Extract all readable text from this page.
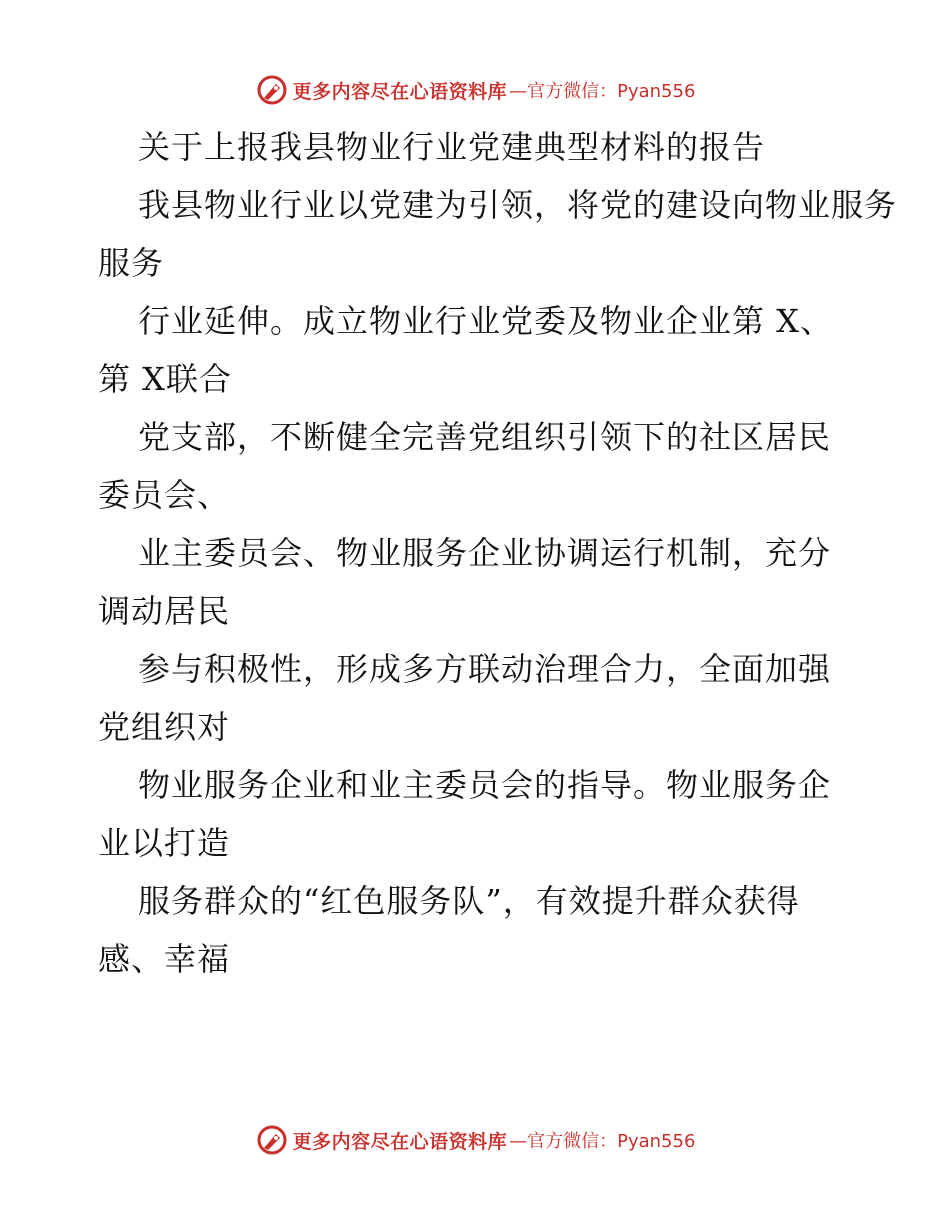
更多内容尽在心语资料库 —官方微信：Pyan556
关于上报我县物业行业党建典型材料的报告
我县物业行业以党建为引领，将党的建设向物业服务
服务
行业延伸。成立物业行业党委及物业企业第 X、
第 X联合
党支部，不断健全完善党组织引领下的社区居民
委员会、
业主委员会、物业服务企业协调运行机制，充分
调动居民
参与积极性，形成多方联动治理合力，全面加强
党组织对
物业服务企业和业主委员会的指导。物业服务企
业以打造
服务群众的“红色服务队”，有效提升群众获得
感、幸福
更多内容尽在心语资料库 —官方微信：Pyan556
